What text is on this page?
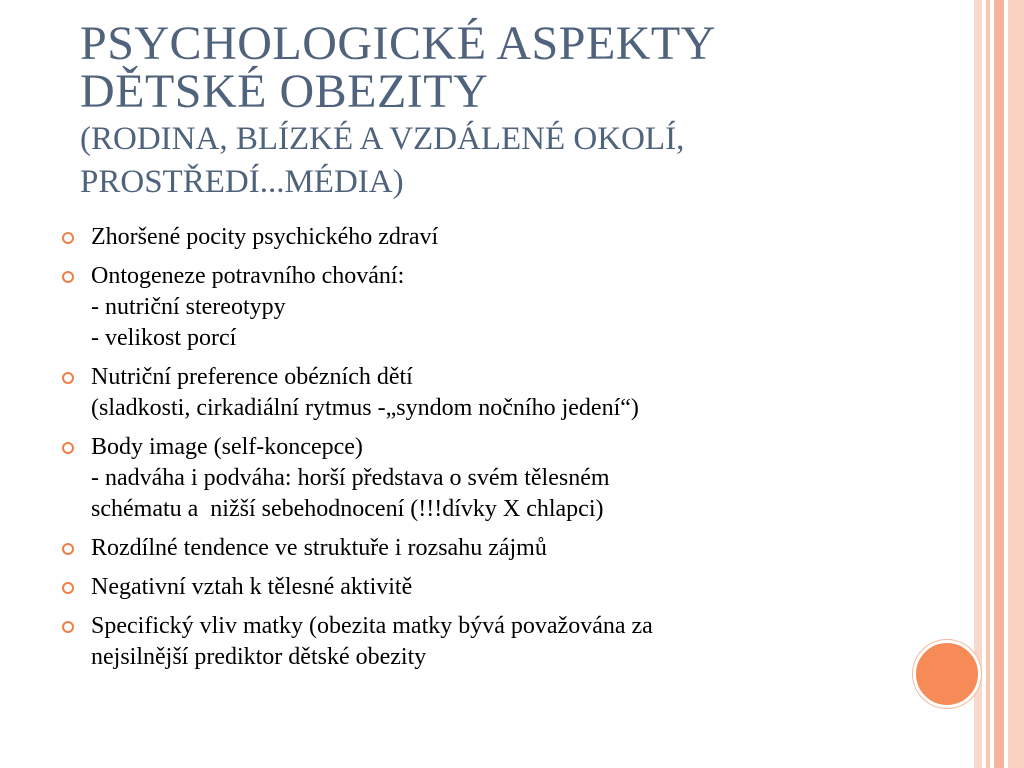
PSYCHOLOGICKÉ ASPEKTY
DĚTSKÉ OBEZITY
(RODINA, BLÍZKÉ A VZDÁLENÉ OKOLÍ,
PROSTŘEDÍ...MÉDIA)
Zhoršené pocity psychického zdraví
Ontogeneze potravního chování:
- nutriční stereotypy
- velikost porcí
Nutriční preference obézních dětí
(sladkosti, cirkadiální rytmus -„syndom nočního jedení“)
Body image (self-koncepce)
- nadváha i podváha: horší představa o svém tělesném
schématu a  nižší sebehodnocení (!!!dívky X chlapci)
Rozdílné tendence ve struktuře i rozsahu zájmů
Negativní vztah k tělesné aktivitě
Specifický vliv matky (obezita matky bývá považována za
nejsilnější prediktor dětské obezity
